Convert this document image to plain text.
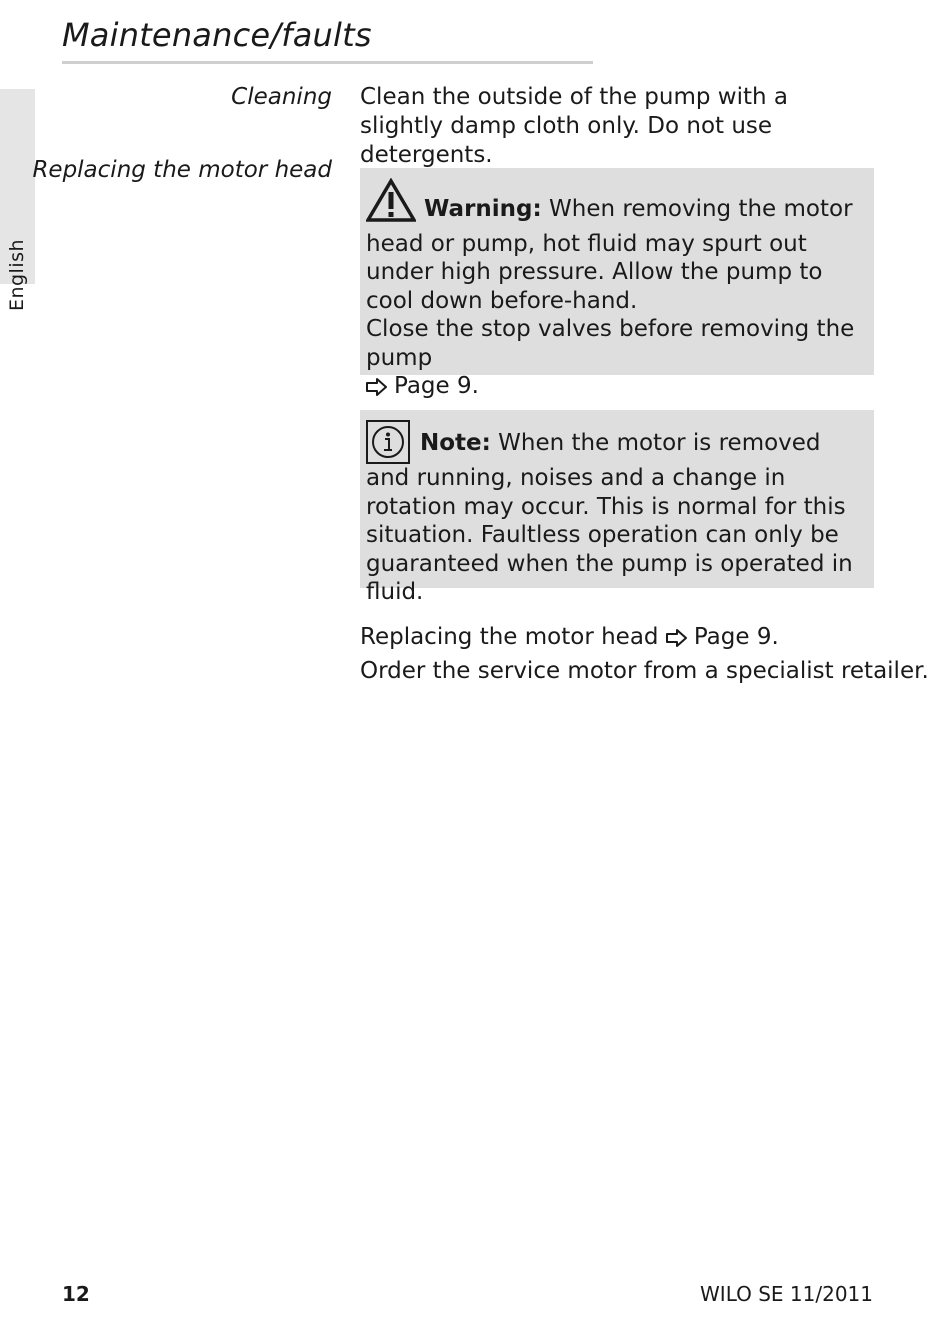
Maintenance/faults
English
Cleaning Clean the outside of the pump with a slightly damp cloth only. Do not use detergents.
Replacing the motor head
Warning: When removing the motor head or pump, hot fluid may spurt out under high pressure. Allow the pump to cool down before-hand.
Close the stop valves before removing the pump
Page 9.
Note: When the motor is removed and running, noises and a change in rotation may occur. This is normal for this situation. Faultless operation can only be guaranteed when the pump is operated in fluid.
Replacing the motor head Page 9.
Order the service motor from a specialist retailer.
12	WILO SE 11/2011
